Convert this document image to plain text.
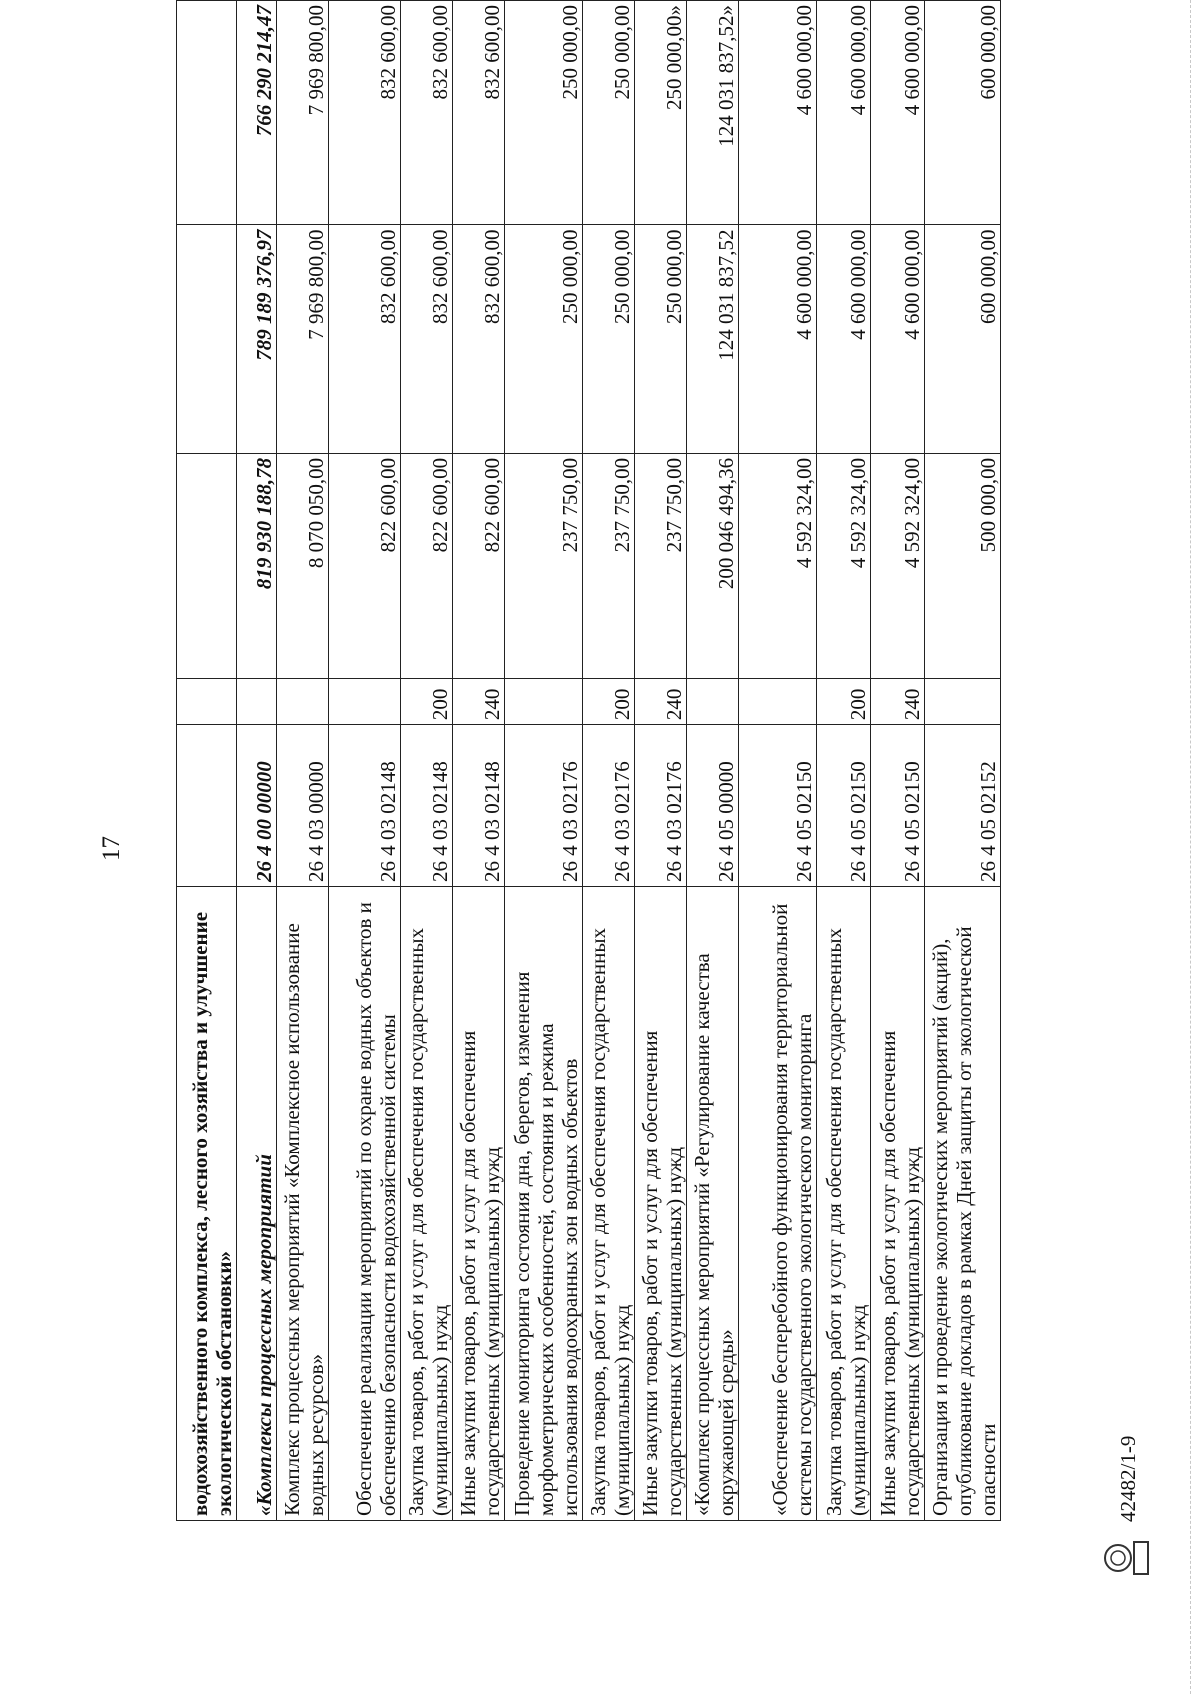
17
водохозяйственного комплекса, лесного хозяйства и улучшение экологической обстановки»					
«Комплексы процессных мероприятий	26 4 00 00000		819 930 188,78	789 189 376,97	766 290 214,47
Комплекс процессных мероприятий «Комплексное использование водных ресурсов»	26 4 03 00000		8 070 050,00	7 969 800,00	7 969 800,00
Обеспечение реализации мероприятий по охране водных объектов и обеспечению безопасности водохозяйственной системы	26 4 03 02148		822 600,00	832 600,00	832 600,00
Закупка товаров, работ и услуг для обеспечения государственных (муниципальных) нужд	26 4 03 02148	200	822 600,00	832 600,00	832 600,00
Иные закупки товаров, работ и услуг для обеспечения государственных (муниципальных) нужд	26 4 03 02148	240	822 600,00	832 600,00	832 600,00
Проведение мониторинга состояния дна, берегов, изменения морфометрических особенностей, состояния и режима использования водоохранных зон водных объектов	26 4 03 02176		237 750,00	250 000,00	250 000,00
Закупка товаров, работ и услуг для обеспечения государственных (муниципальных) нужд	26 4 03 02176	200	237 750,00	250 000,00	250 000,00
Иные закупки товаров, работ и услуг для обеспечения государственных (муниципальных) нужд	26 4 03 02176	240	237 750,00	250 000,00	250 000,00»
«Комплекс процессных мероприятий «Регулирование качества окружающей среды»	26 4 05 00000		200 046 494,36	124 031 837,52	124 031 837,52»
«Обеспечение бесперебойного функционирования территориальной системы государственного экологического мониторинга	26 4 05 02150		4 592 324,00	4 600 000,00	4 600 000,00
Закупка товаров, работ и услуг для обеспечения государственных (муниципальных) нужд	26 4 05 02150	200	4 592 324,00	4 600 000,00	4 600 000,00
Иные закупки товаров, работ и услуг для обеспечения государственных (муниципальных) нужд	26 4 05 02150	240	4 592 324,00	4 600 000,00	4 600 000,00
Организация и проведение экологических мероприятий (акций), опубликование докладов в рамках Дней защиты от экологической опасности	26 4 05 02152		500 000,00	600 000,00	600 000,00
42482/1-9
